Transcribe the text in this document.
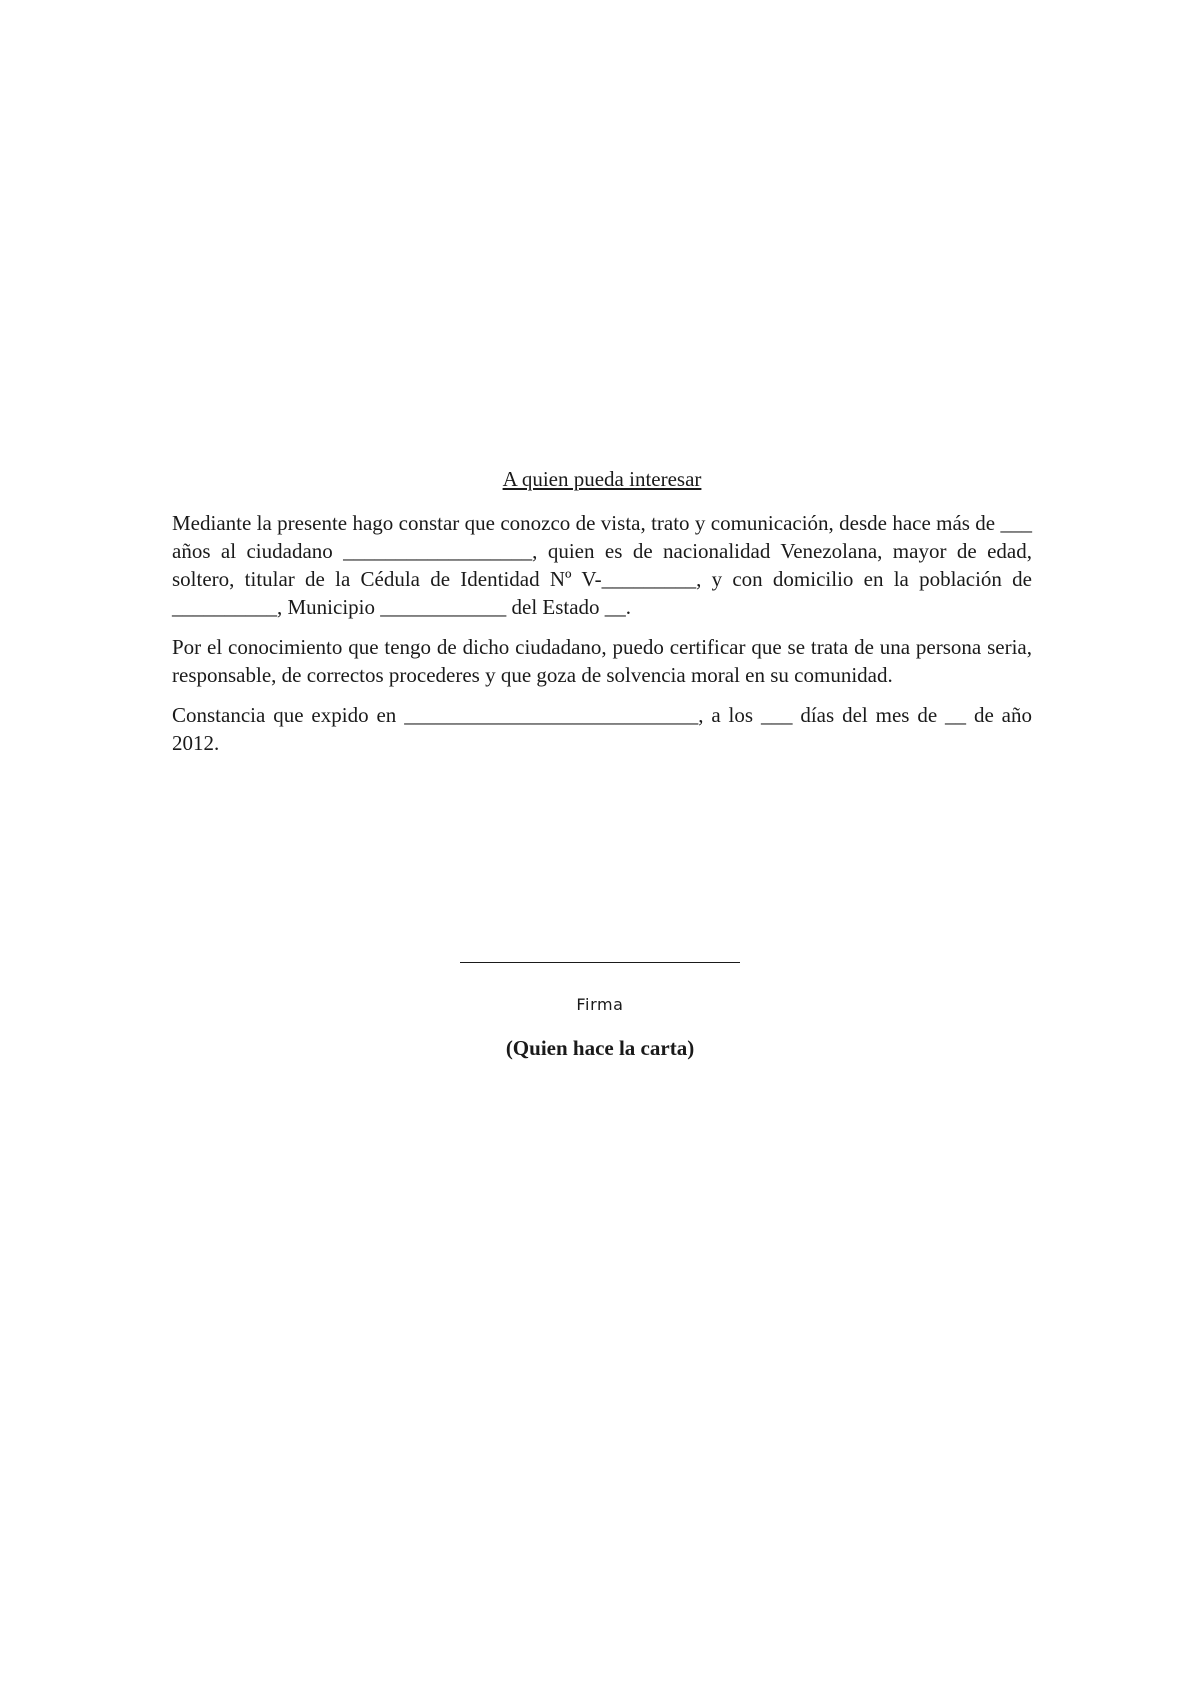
A quien pueda interesar

Mediante la presente hago constar que conozco de vista, trato y comunicación, desde hace más de ___ años al ciudadano __________________, quien es de nacionalidad Venezolana, mayor de edad, soltero, titular de la Cédula de Identidad Nº V-_________, y con domicilio en la población de __________, Municipio ____________ del Estado __.

Por el conocimiento que tengo de dicho ciudadano, puedo certificar que se trata de una persona seria, responsable, de correctos procederes y que goza de solvencia moral en su comunidad.

Constancia que expido en ____________________________, a los ___ días del mes de __ de año 2012.

Firma
(Quien hace la carta)
